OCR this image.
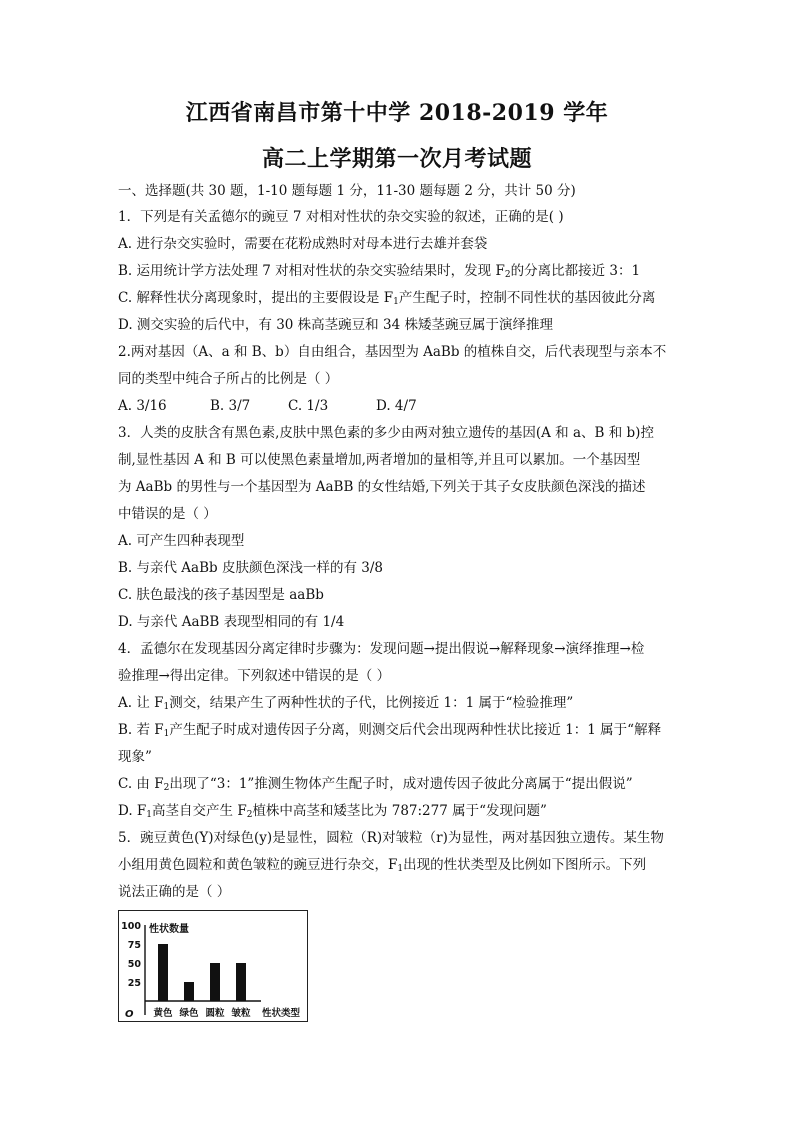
江西省南昌市第十中学 2018-2019 学年
高二上学期第一次月考试题
一、选择题(共 30 题，1-10 题每题 1 分，11-30 题每题 2 分，共计 50 分)
1．下列是有关孟德尔的豌豆 7 对相对性状的杂交实验的叙述，正确的是( )
A. 进行杂交实验时，需要在花粉成熟时对母本进行去雄并套袋
B. 运用统计学方法处理 7 对相对性状的杂交实验结果时，发现 $F_2$的分离比都接近 3：1
C. 解释性状分离现象时，提出的主要假设是 $F_1$产生配子时，控制不同性状的基因彼此分离
D. 测交实验的后代中，有 30 株高茎豌豆和 34 株矮茎豌豆属于演绎推理
2.两对基因（A、a 和 B、b）自由组合，基因型为 AaBb 的植株自交，后代表现型与亲本不
同的类型中纯合子所占的比例是（ ）
A. 3/16	B. 3/7	C. 1/3	D. 4/7
3．人类的皮肤含有黑色素,皮肤中黑色素的多少由两对独立遗传的基因(A 和 a、B 和 b)控
制,显性基因 A 和 B 可以使黑色素量增加,两者增加的量相等,并且可以累加。一个基因型
为 AaBb 的男性与一个基因型为 AaBB 的女性结婚,下列关于其子女皮肤颜色深浅的描述
中错误的是（ ）
A. 可产生四种表现型
B. 与亲代 AaBb 皮肤颜色深浅一样的有 3/8
C. 肤色最浅的孩子基因型是 aaBb
D. 与亲代 AaBB 表现型相同的有 1/4
4．孟德尔在发现基因分离定律时步骤为：发现问题→提出假说→解释现象→演绎推理→检
验推理→得出定律。下列叙述中错误的是（ ）
A. 让 $F_1$测交，结果产生了两种性状的子代，比例接近 1：1 属于“检验推理”
B. 若 $F_1$产生配子时成对遗传因子分离，则测交后代会出现两种性状比接近 1：1 属于“解释
现象”
C. 由 $F_2$出现了“3：1”推测生物体产生配子时，成对遗传因子彼此分离属于“提出假说”
D. $F_1$高茎自交产生 $F_2$植株中高茎和矮茎比为 787:277 属于“发现问题”
5．豌豆黄色(Y)对绿色(y)是显性，圆粒（R)对皱粒（r)为显性，两对基因独立遗传。某生物
小组用黄色圆粒和黄色皱粒的豌豆进行杂交，$F_1$出现的性状类型及比例如下图所示。下列
说法正确的是（ ）
性状数量
O	性状类型
100
75
50
25
黄色 绿色 圆粒 皱粒
